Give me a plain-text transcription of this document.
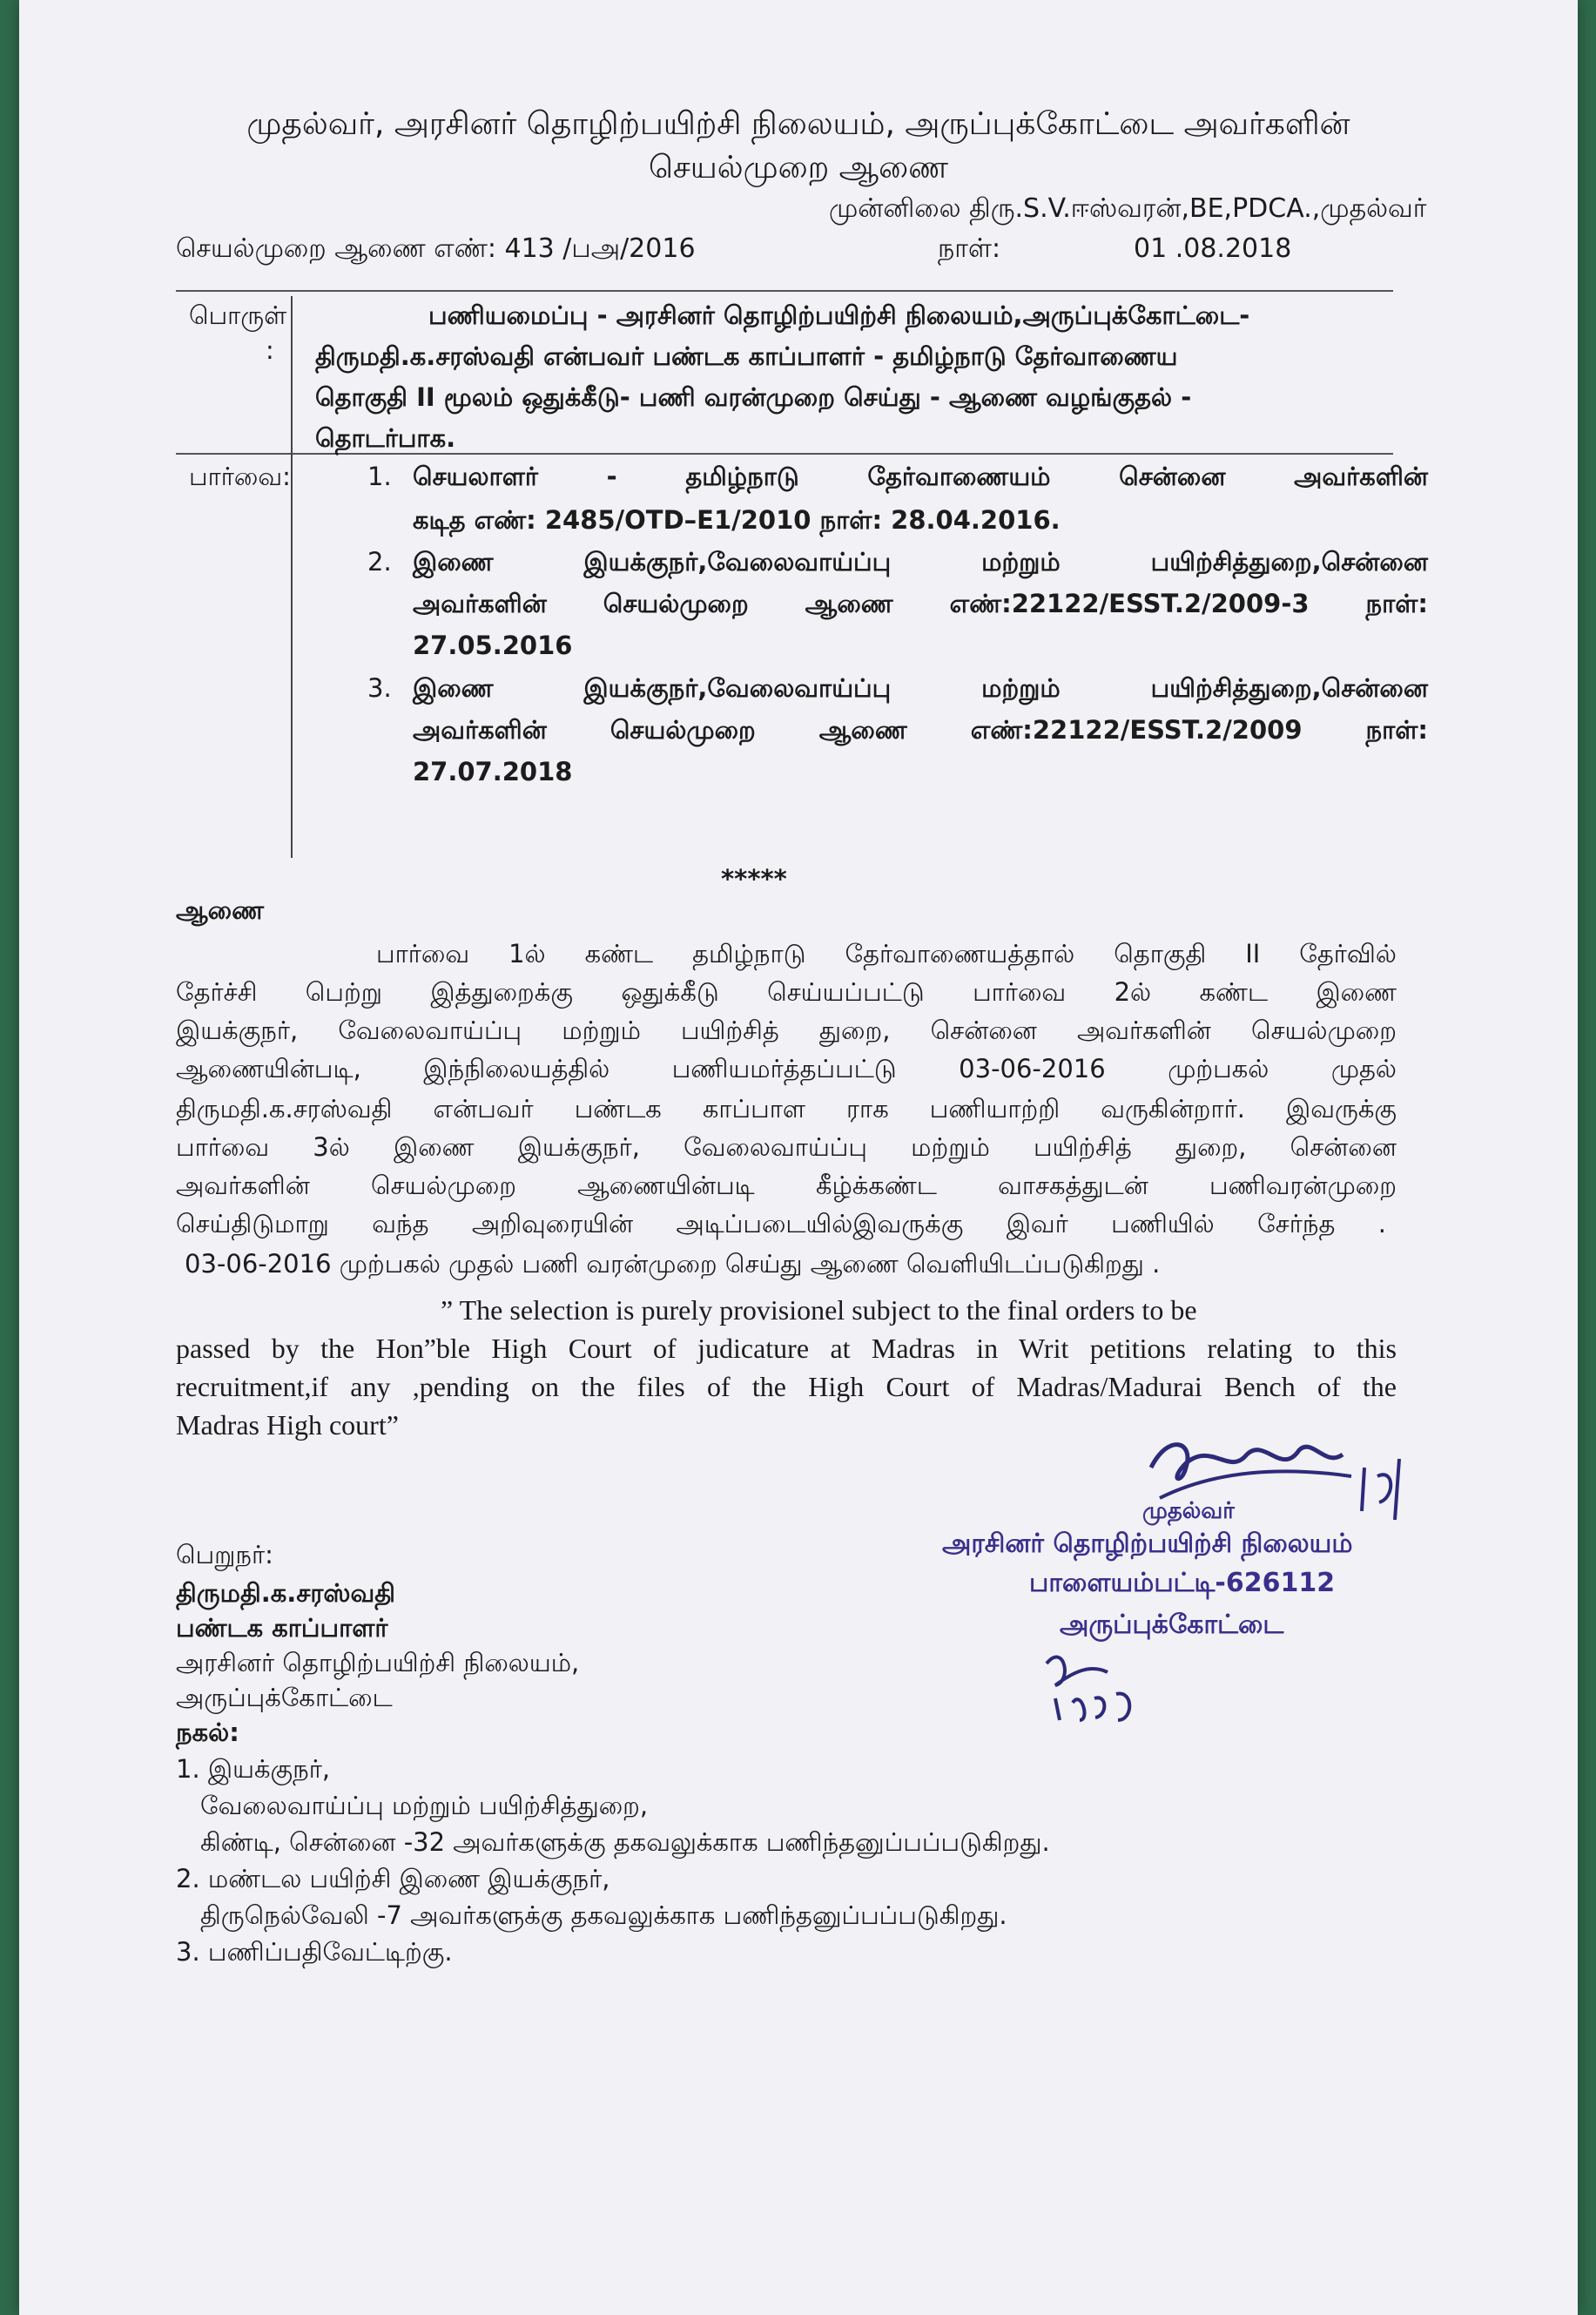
முதல்வர், அரசினர் தொழிற்பயிற்சி நிலையம், அருப்புக்கோட்டை அவர்களின்
செயல்முறை ஆணை
முன்னிலை திரு.S.V.ஈஸ்வரன்,BE,PDCA.,முதல்வர்
செயல்முறை ஆணை எண்: 413 /பஅ/2016	நாள்:	01 .08.2018
பொருள்
:
பணியமைப்பு - அரசினர் தொழிற்பயிற்சி நிலையம்,அருப்புக்கோட்டை-
திருமதி.க.சரஸ்வதி என்பவர் பண்டக காப்பாளர் - தமிழ்நாடு தேர்வாணைய
தொகுதி II மூலம் ஒதுக்கீடு- பணி வரன்முறை செய்து - ஆணை வழங்குதல் -
தொடர்பாக.
பார்வை:	1. செயலாளர் - தமிழ்நாடு தேர்வாணையம் சென்னை அவர்களின்
கடித எண்: 2485/OTD–E1/2010 நாள்: 28.04.2016.
2. இணை இயக்குநர்,வேலைவாய்ப்பு மற்றும் பயிற்சித்துறை,சென்னை
அவர்களின் செயல்முறை ஆணை எண்:22122/ESST.2/2009-3 நாள்:
27.05.2016
3. இணை இயக்குநர்,வேலைவாய்ப்பு மற்றும் பயிற்சித்துறை,சென்னை
அவர்களின் செயல்முறை ஆணை எண்:22122/ESST.2/2009 நாள்:
27.07.2018
*****
ஆணை
பார்வை 1ல் கண்ட தமிழ்நாடு தேர்வாணையத்தால் தொகுதி II தேர்வில்
தேர்ச்சி பெற்று இத்துறைக்கு ஒதுக்கீடு செய்யப்பட்டு பார்வை 2ல் கண்ட இணை
இயக்குநர், வேலைவாய்ப்பு மற்றும் பயிற்சித் துறை, சென்னை அவர்களின் செயல்முறை
ஆணையின்படி, இந்நிலையத்தில் பணியமர்த்தப்பட்டு 03-06-2016 முற்பகல் முதல்
திருமதி.க.சரஸ்வதி என்பவர் பண்டக காப்பாள ராக பணியாற்றி வருகின்றார். இவருக்கு
பார்வை 3ல் இணை இயக்குநர், வேலைவாய்ப்பு மற்றும் பயிற்சித் துறை, சென்னை
அவர்களின் செயல்முறை ஆணையின்படி கீழ்க்கண்ட வாசகத்துடன் பணிவரன்முறை
செய்திடுமாறு வந்த அறிவுரையின் அடிப்படையில்இவருக்கு இவர் பணியில் சேர்ந்த .
03-06-2016 முற்பகல் முதல் பணி வரன்முறை செய்து ஆணை வெளியிடப்படுகிறது .
” The selection is purely provisionel subject to the final orders to be
passed by the Hon”ble High Court of judicature at Madras in Writ petitions relating to this
recruitment,if any ,pending on the files of the High Court of Madras/Madurai Bench of the
Madras High court”
முதல்வர்
அரசினர் தொழிற்பயிற்சி நிலையம்
பாளையம்பட்டி-626112
அருப்புக்கோட்டை
பெறுநர்:
திருமதி.க.சரஸ்வதி
பண்டக காப்பாளர்
அரசினர் தொழிற்பயிற்சி நிலையம்,
அருப்புக்கோட்டை
நகல்:
1. இயக்குநர்,
வேலைவாய்ப்பு மற்றும் பயிற்சித்துறை,
கிண்டி, சென்னை -32 அவர்களுக்கு தகவலுக்காக பணிந்தனுப்பப்படுகிறது.
2. மண்டல பயிற்சி இணை இயக்குநர்,
திருநெல்வேலி -7 அவர்களுக்கு தகவலுக்காக பணிந்தனுப்பப்படுகிறது.
3. பணிப்பதிவேட்டிற்கு.
